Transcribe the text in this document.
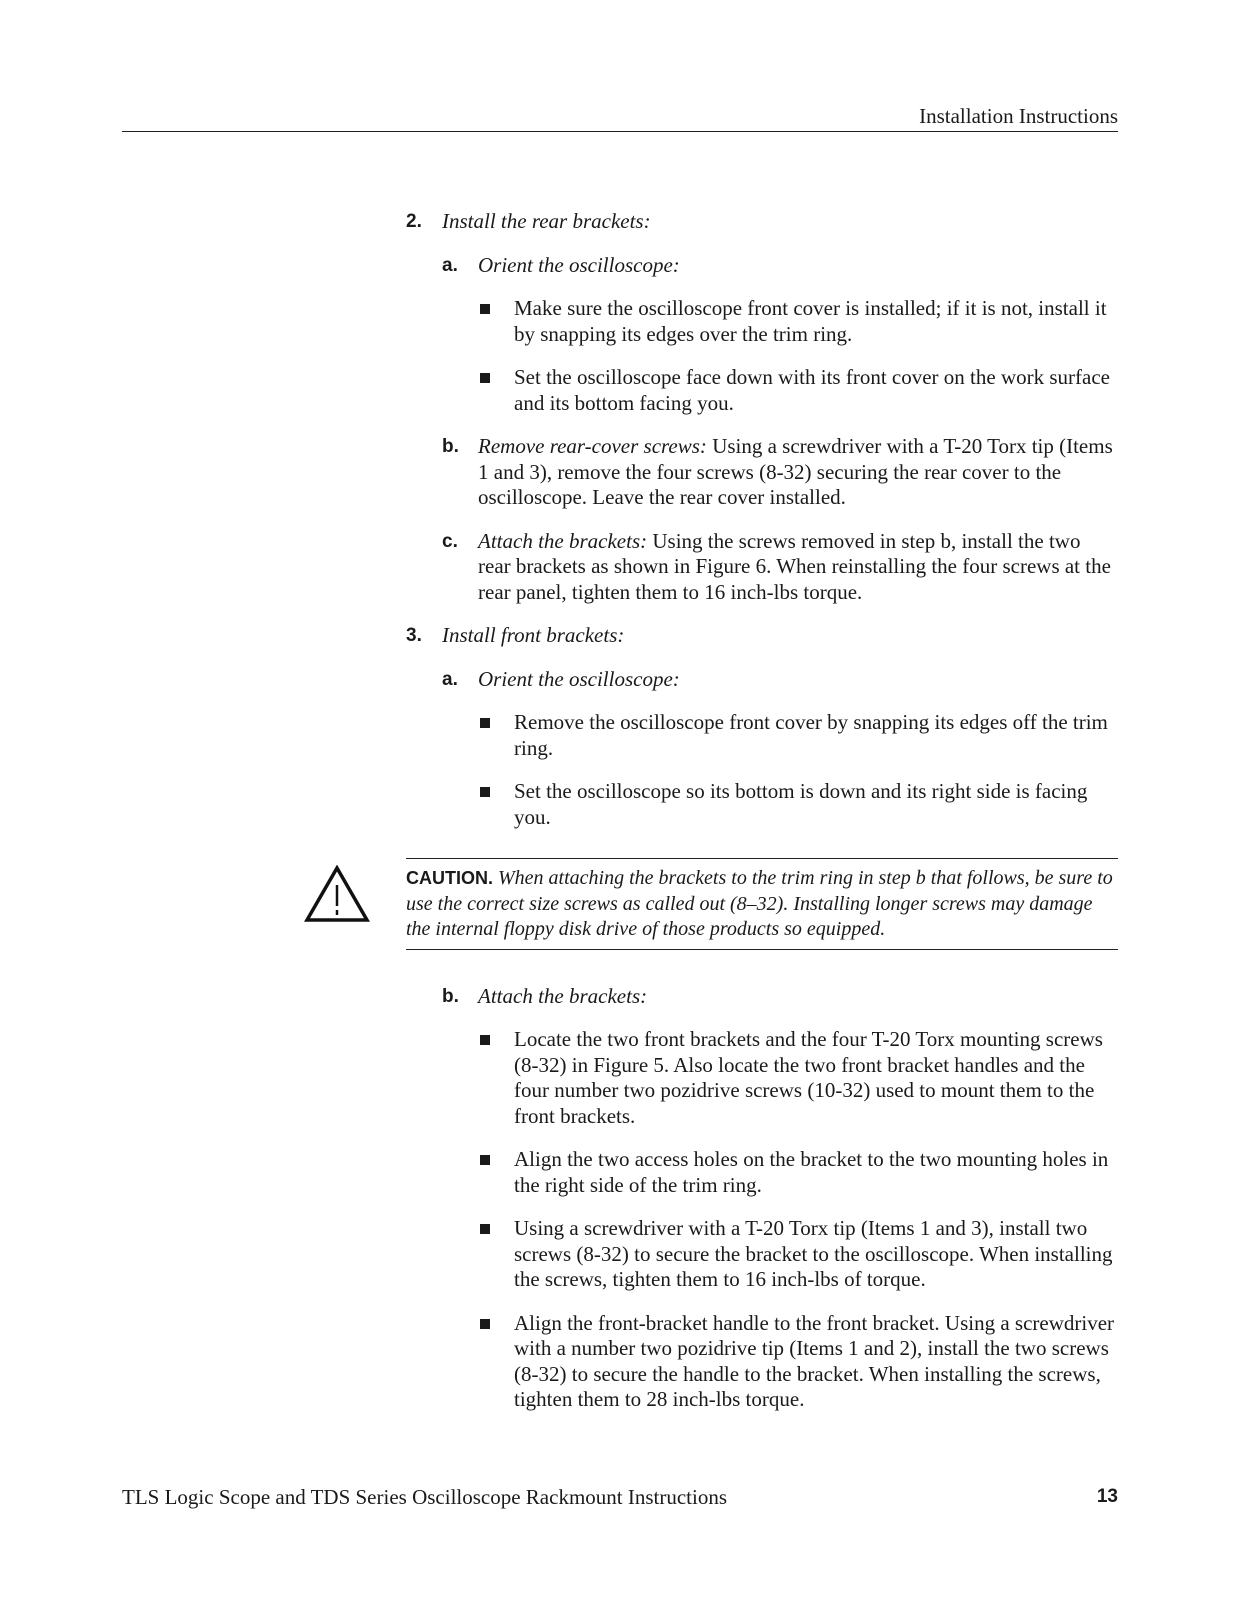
Installation Instructions
2. Install the rear brackets:
a. Orient the oscilloscope:
Make sure the oscilloscope front cover is installed; if it is not, install it by snapping its edges over the trim ring.
Set the oscilloscope face down with its front cover on the work surface and its bottom facing you.
b. Remove rear-cover screws: Using a screwdriver with a T-20 Torx tip (Items 1 and 3), remove the four screws (8-32) securing the rear cover to the oscilloscope. Leave the rear cover installed.
c. Attach the brackets: Using the screws removed in step b, install the two rear brackets as shown in Figure 6. When reinstalling the four screws at the rear panel, tighten them to 16 inch-lbs torque.
3. Install front brackets:
a. Orient the oscilloscope:
Remove the oscilloscope front cover by snapping its edges off the trim ring.
Set the oscilloscope so its bottom is down and its right side is facing you.
CAUTION. When attaching the brackets to the trim ring in step b that follows, be sure to use the correct size screws as called out (8–32). Installing longer screws may damage the internal floppy disk drive of those products so equipped.
b. Attach the brackets:
Locate the two front brackets and the four T-20 Torx mounting screws (8-32) in Figure 5. Also locate the two front bracket handles and the four number two pozidrive screws (10-32) used to mount them to the front brackets.
Align the two access holes on the bracket to the two mounting holes in the right side of the trim ring.
Using a screwdriver with a T-20 Torx tip (Items 1 and 3), install two screws (8-32) to secure the bracket to the oscilloscope. When installing the screws, tighten them to 16 inch-lbs of torque.
Align the front-bracket handle to the front bracket. Using a screwdriver with a number two pozidrive tip (Items 1 and 2), install the two screws (8-32) to secure the handle to the bracket. When installing the screws, tighten them to 28 inch-lbs torque.
TLS Logic Scope and TDS Series Oscilloscope Rackmount Instructions	13
